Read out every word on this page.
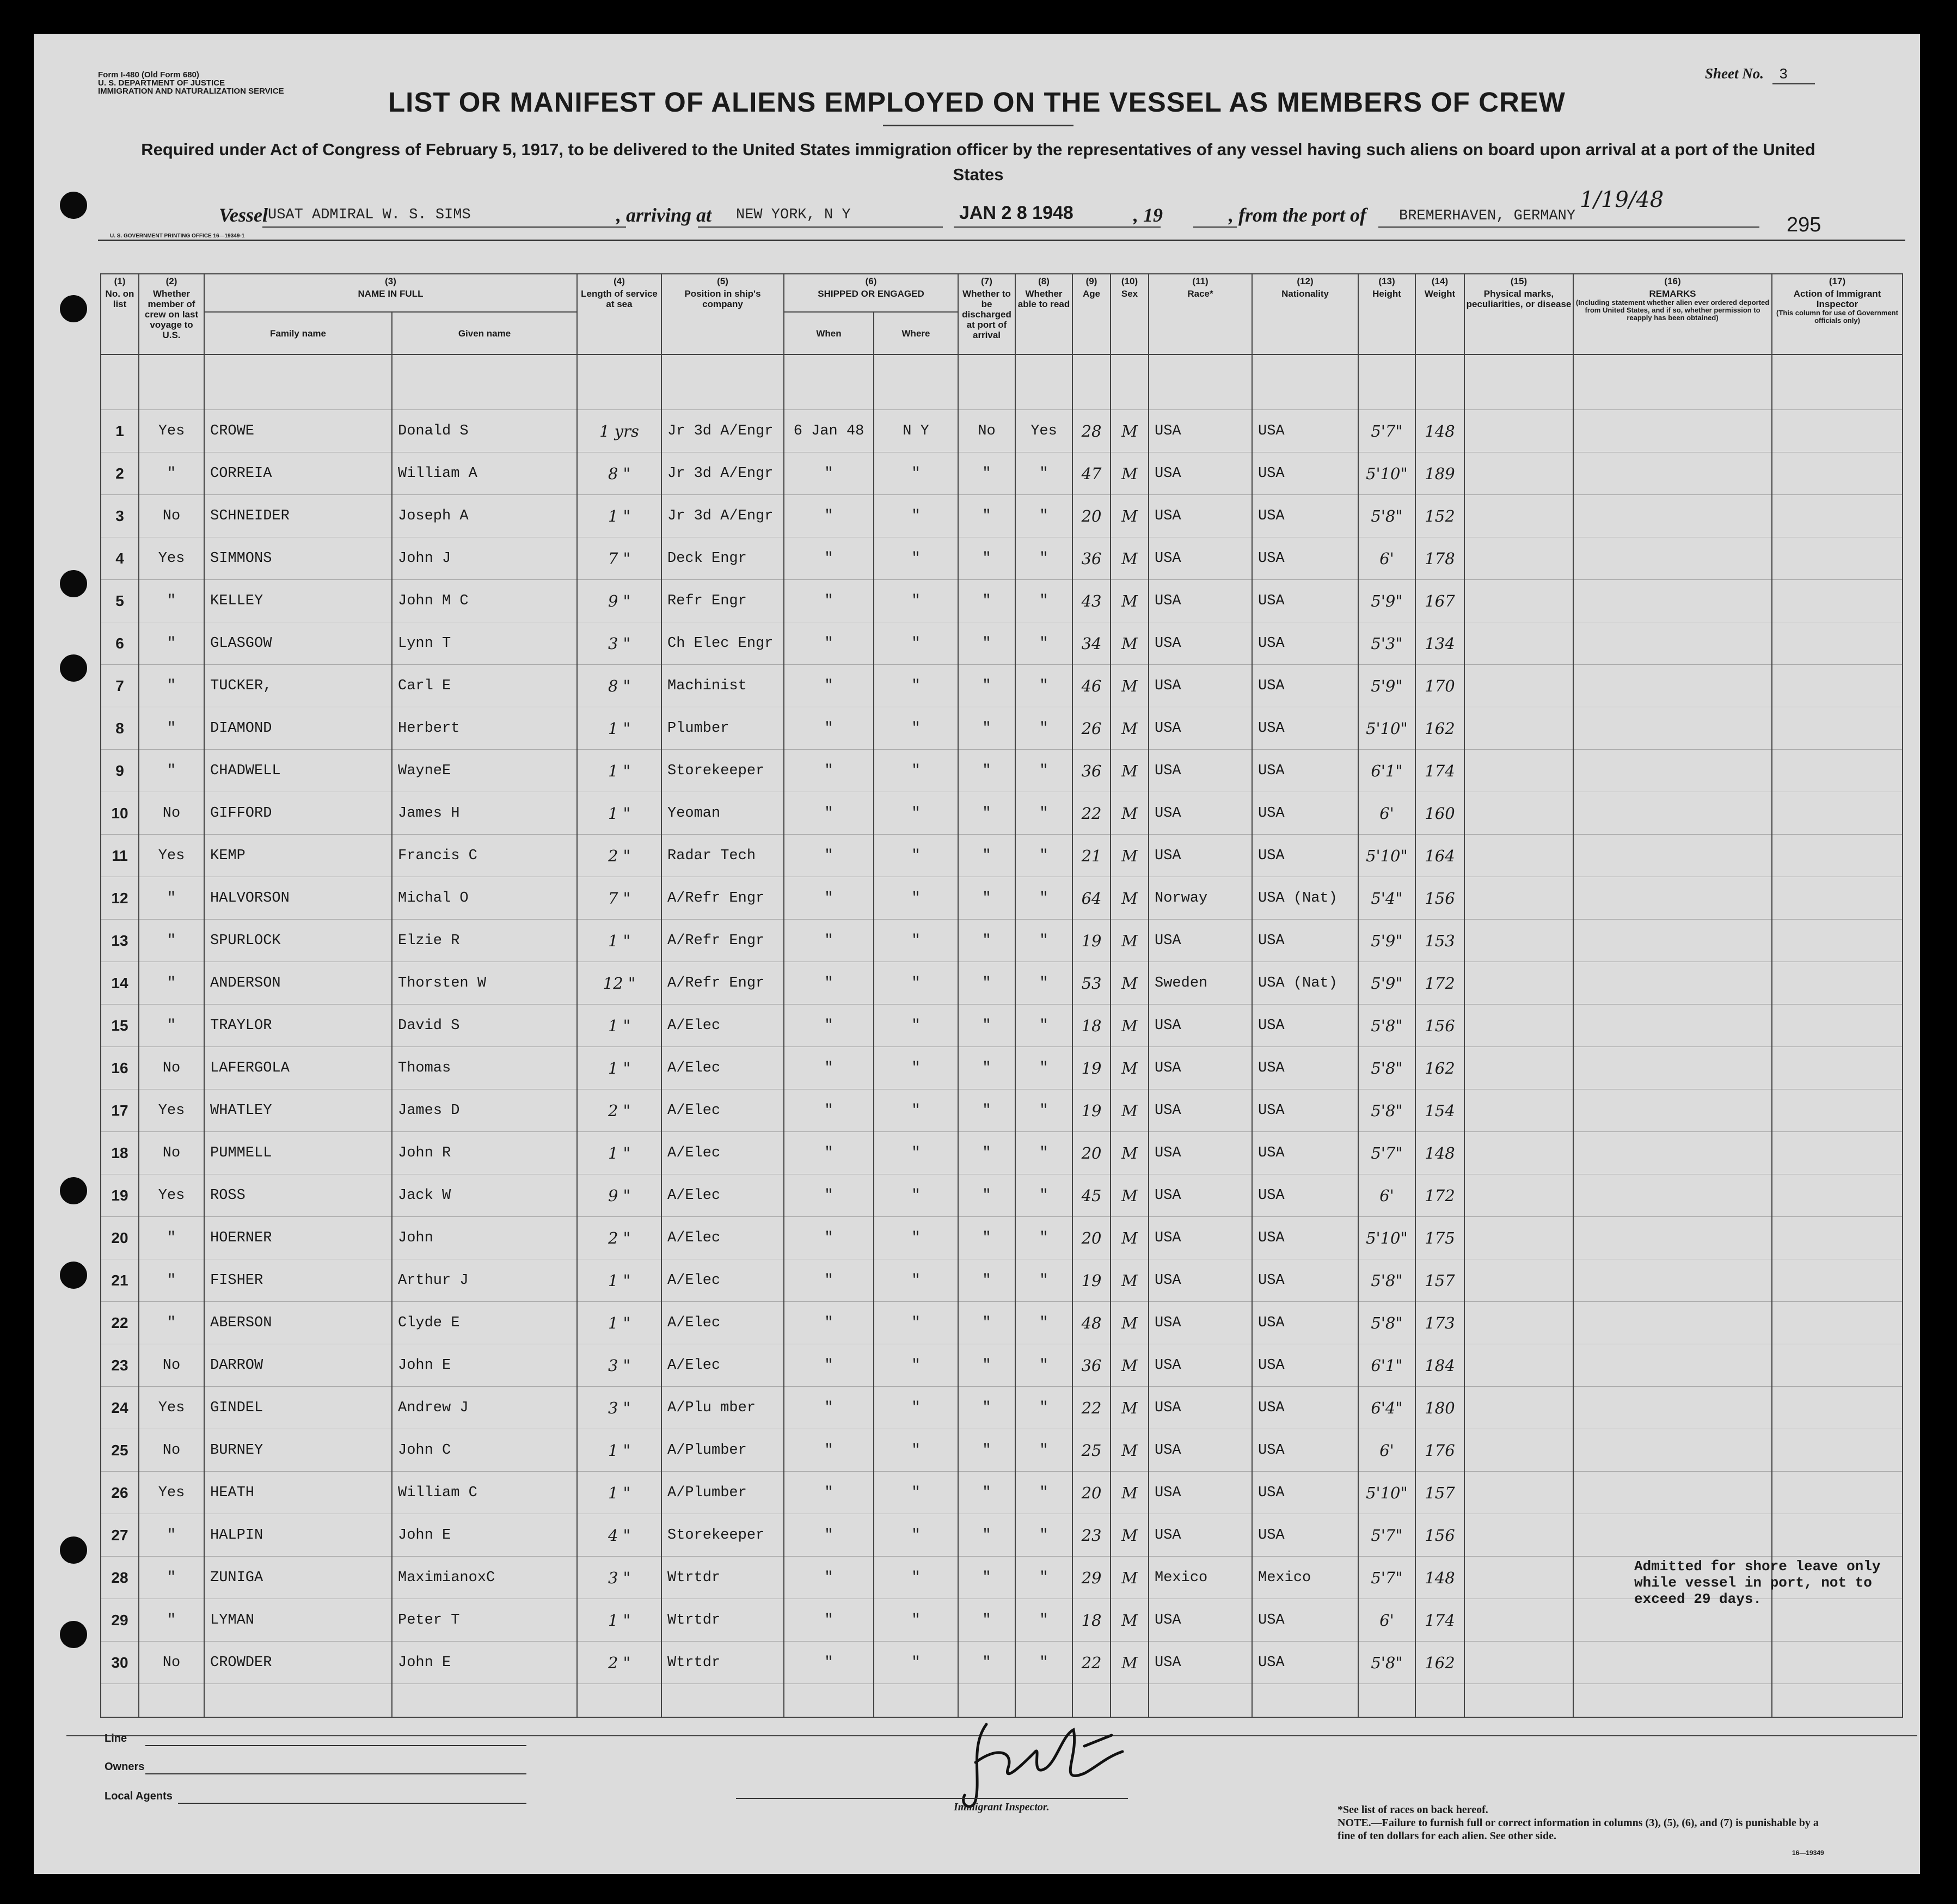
Form I-480 (Old Form 680)
U. S. DEPARTMENT OF JUSTICE
IMMIGRATION AND NATURALIZATION SERVICE
Sheet No. 3
LIST OR MANIFEST OF ALIENS EMPLOYED ON THE VESSEL AS MEMBERS OF CREW
Required under Act of Congress of February 5, 1917, to be delivered to the United States immigration officer by the representatives of any vessel having such aliens on board upon arrival at a port of the United States
Vessel USAT ADMIRAL W. S. SIMS	, arriving at NEW YORK, N Y	JAN 2 8 1948	, 19	, from the port of BREMERHAVEN, GERMANY
1/19/48
295
U. S. GOVERNMENT PRINTING OFFICE 16—19349-1
(1)
No. on list	(2)
Whether member of crew on last voyage to U.S.	(3)
NAME IN FULL		(4)
Length of service at sea	(5)
Position in ship's company	(6)
SHIPPED OR ENGAGED		(7)
Whether to be discharged at port of arrival	(8)
Whether able to read	(9)
Age	(10)
Sex	(11)
Race*	(12)
Nationality	(13)
Height	(14)
Weight	(15)
Physical marks, peculiarities, or disease	(16)
REMARKS
(Including statement whether alien ever ordered deported from United States, and if so, whether permission to reapply has been obtained)	(17)
Action of Immigrant Inspector
(This column for use of Government officials only)

		Family name	Given name			When	Where											

1	Yes	CROWE	Donald S	1 yrs	Jr 3d A/Engr	6 Jan 48	N Y	No	Yes	28	M	USA	USA	5'7"	148			
2	"	CORREIA	William A	8 "	Jr 3d A/Engr	"	"	"	"	47	M	USA	USA	5'10"	189			
3	No	SCHNEIDER	Joseph A	1 "	Jr 3d A/Engr	"	"	"	"	20	M	USA	USA	5'8"	152			
4	Yes	SIMMONS	John J	7 "	Deck Engr	"	"	"	"	36	M	USA	USA	6'	178			
5	"	KELLEY	John M C	9 "	Refr Engr	"	"	"	"	43	M	USA	USA	5'9"	167			
6	"	GLASGOW	Lynn T	3 "	Ch Elec Engr	"	"	"	"	34	M	USA	USA	5'3"	134			
7	"	TUCKER,	Carl E	8 "	Machinist	"	"	"	"	46	M	USA	USA	5'9"	170			
8	"	DIAMOND	Herbert	1 "	Plumber	"	"	"	"	26	M	USA	USA	5'10"	162			
9	"	CHADWELL	WayneE	1 "	Storekeeper	"	"	"	"	36	M	USA	USA	6'1"	174			
10	No	GIFFORD	James H	1 "	Yeoman	"	"	"	"	22	M	USA	USA	6'	160			
11	Yes	KEMP	Francis C	2 "	Radar Tech	"	"	"	"	21	M	USA	USA	5'10"	164			
12	"	HALVORSON	Michal O	7 "	A/Refr Engr	"	"	"	"	64	M	Norway	USA (Nat)	5'4"	156			
13	"	SPURLOCK	Elzie R	1 "	A/Refr Engr	"	"	"	"	19	M	USA	USA	5'9"	153			
14	"	ANDERSON	Thorsten W	12 "	A/Refr Engr	"	"	"	"	53	M	Sweden	USA (Nat)	5'9"	172			
15	"	TRAYLOR	David S	1 "	A/Elec	"	"	"	"	18	M	USA	USA	5'8"	156			
16	No	LAFERGOLA	Thomas	1 "	A/Elec	"	"	"	"	19	M	USA	USA	5'8"	162			
17	Yes	WHATLEY	James D	2 "	A/Elec	"	"	"	"	19	M	USA	USA	5'8"	154			
18	No	PUMMELL	John R	1 "	A/Elec	"	"	"	"	20	M	USA	USA	5'7"	148			
19	Yes	ROSS	Jack W	9 "	A/Elec	"	"	"	"	45	M	USA	USA	6'	172			
20	"	HOERNER	John	2 "	A/Elec	"	"	"	"	20	M	USA	USA	5'10"	175			
21	"	FISHER	Arthur J	1 "	A/Elec	"	"	"	"	19	M	USA	USA	5'8"	157			
22	"	ABERSON	Clyde E	1 "	A/Elec	"	"	"	"	48	M	USA	USA	5'8"	173			
23	No	DARROW	John E	3 "	A/Elec	"	"	"	"	36	M	USA	USA	6'1"	184			
24	Yes	GINDEL	Andrew J	3 "	A/Plu mber	"	"	"	"	22	M	USA	USA	6'4"	180			
25	No	BURNEY	John C	1 "	A/Plumber	"	"	"	"	25	M	USA	USA	6'	176			
26	Yes	HEATH	William C	1 "	A/Plumber	"	"	"	"	20	M	USA	USA	5'10"	157			
27	"	HALPIN	John E	4 "	Storekeeper	"	"	"	"	23	M	USA	USA	5'7"	156			
28	"	ZUNIGA	MaximianoxC	3 "	Wtrtdr	"	"	"	"	29	M	Mexico	Mexico	5'7"	148			
29	"	LYMAN	Peter T	1 "	Wtrtdr	"	"	"	"	18	M	USA	USA	6'	174			
30	No	CROWDER	John E	2 "	Wtrtdr	"	"	"	"	22	M	USA	USA	5'8"	162			

Admitted for shore leave only while vessel in port, not to exceed 29 days.
Line
Owners
Local Agents
Immigrant Inspector.	*See list of races on back hereof.
NOTE.—Failure to furnish full or correct information in columns (3), (5), (6), and (7) is punishable by a fine of ten dollars for each alien. See other side.
16—19349
